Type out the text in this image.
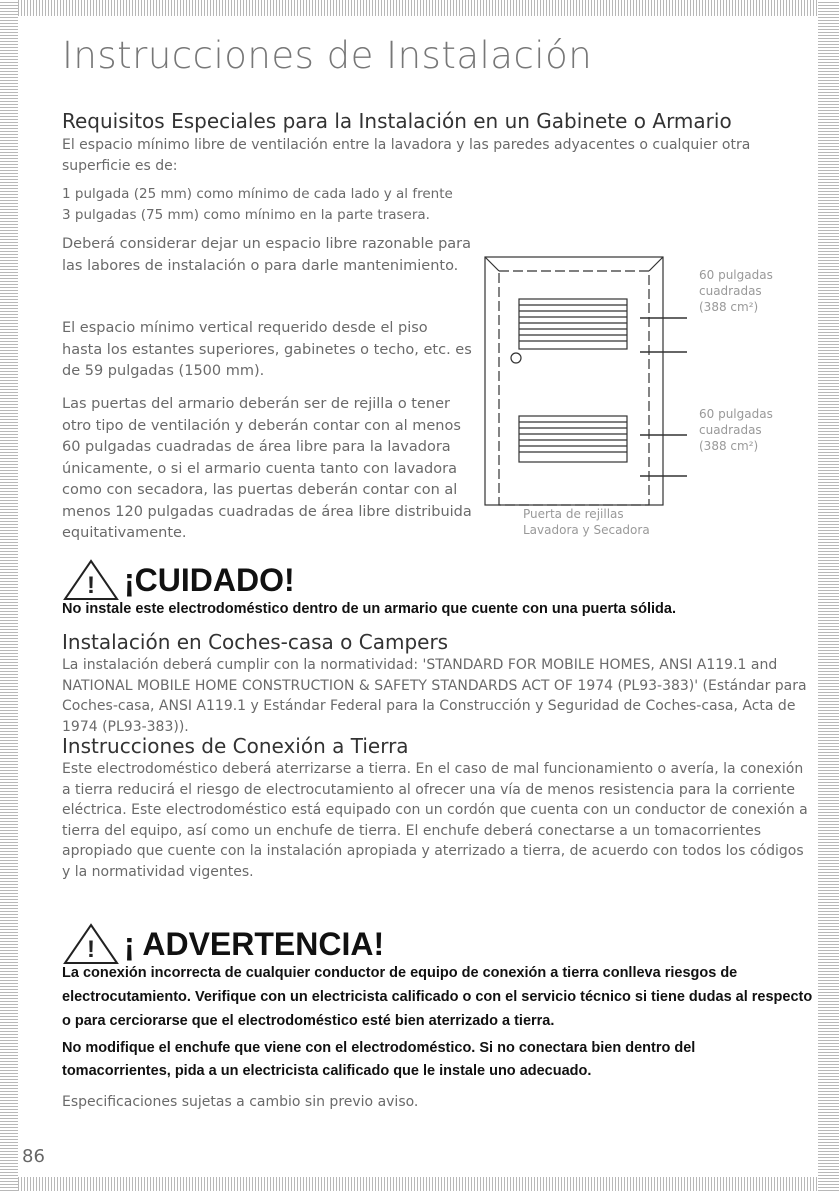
Instrucciones de Instalación
Requisitos Especiales para la Instalación en un Gabinete o Armario

El espacio mínimo libre de ventilación entre la lavadora y las paredes adyacentes o cualquier otra superficie es de:

1 pulgada (25 mm) como mínimo de cada lado y al frente

3 pulgadas (75 mm) como mínimo en la parte trasera.

Deberá considerar dejar un espacio libre razonable para las labores de instalación o para darle mantenimiento.

El espacio mínimo vertical requerido desde el piso hasta los estantes superiores, gabinetes o techo, etc. es de 59 pulgadas (1500 mm).

Las puertas del armario deberán ser de rejilla o tener otro tipo de ventilación y deberán contar con al menos 60 pulgadas cuadradas de área libre para la lavadora únicamente, o si el armario cuenta tanto con lavadora como con secadora, las puertas deberán contar con al menos 120 pulgadas cuadradas de área libre distribuida equitativamente.

60 pulgadas
cuadradas
(388 cm²)
60 pulgadas
cuadradas
(388 cm²)
Puerta de rejillas
Lavadora y Secadora
! ¡CUIDADO!

No instale este electrodoméstico dentro de un armario que cuente con una puerta sólida.

Instalación en Coches-casa o Campers

La instalación deberá cumplir con la normatividad: 'STANDARD FOR MOBILE HOMES, ANSI A119.1 and NATIONAL MOBILE HOME CONSTRUCTION & SAFETY STANDARDS ACT OF 1974 (PL93-383)' (Estándar para Coches-casa, ANSI A119.1 y Estándar Federal para la Construcción y Seguridad de Coches-casa, Acta de 1974 (PL93-383)).

Instrucciones de Conexión a Tierra

Este electrodoméstico deberá aterrizarse a tierra. En el caso de mal funcionamiento o avería, la conexión a tierra reducirá el riesgo de electrocutamiento al ofrecer una vía de menos resistencia para la corriente eléctrica. Este electrodoméstico está equipado con un cordón que cuenta con un conductor de conexión a tierra del equipo, así como un enchufe de tierra. El enchufe deberá conectarse a un tomacorrientes apropiado que cuente con la instalación apropiada y aterrizado a tierra, de acuerdo con todos los códigos y la normatividad vigentes.

! ¡ ADVERTENCIA!

La conexión incorrecta de cualquier conductor de equipo de conexión a tierra conlleva riesgos de electrocutamiento. Verifique con un electricista calificado o con el servicio técnico si tiene dudas al respecto o para cerciorarse que el electrodoméstico esté bien aterrizado a tierra.

No modifique el enchufe que viene con el electrodoméstico. Si no conectara bien dentro del tomacorrientes, pida a un electricista calificado que le instale uno adecuado.

Especificaciones sujetas a cambio sin previo aviso.

86
